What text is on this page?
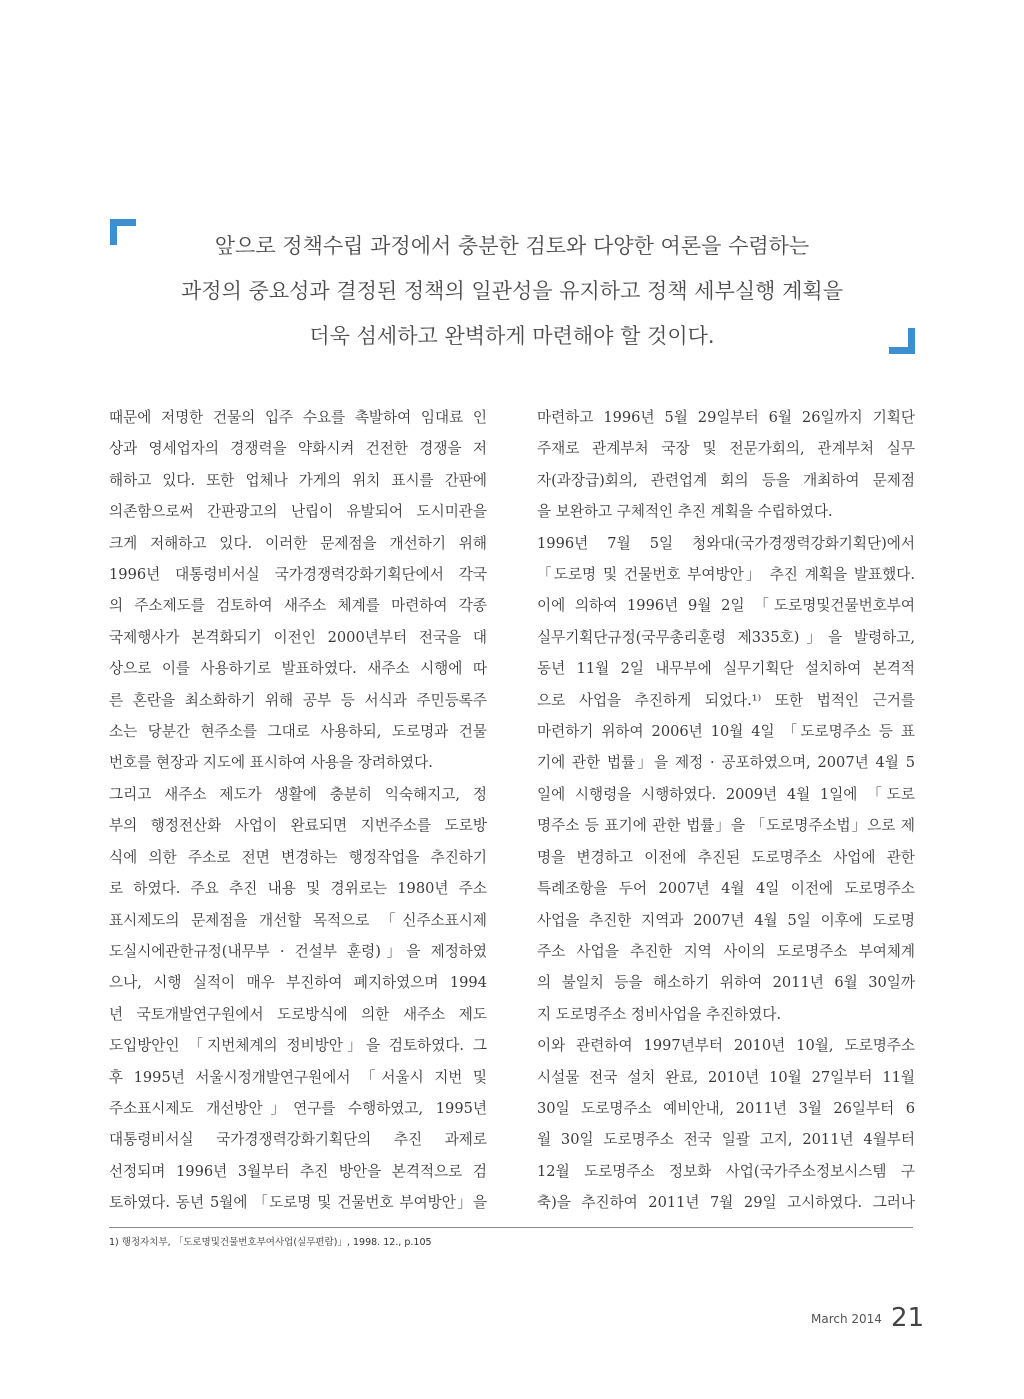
앞으로 정책수립 과정에서 충분한 검토와 다양한 여론을 수렴하는

과정의 중요성과 결정된 정책의 일관성을 유지하고 정책 세부실행 계획을

더욱 섬세하고 완벽하게 마련해야 할 것이다.

때문에 저명한 건물의 입주 수요를 촉발하여 임대료 인
상과 영세업자의 경쟁력을 약화시켜 건전한 경쟁을 저
해하고 있다. 또한 업체나 가게의 위치 표시를 간판에
의존함으로써 간판광고의 난립이 유발되어 도시미관을
크게 저해하고 있다. 이러한 문제점을 개선하기 위해
1996년 대통령비서실 국가경쟁력강화기획단에서 각국
의 주소제도를 검토하여 새주소 체계를 마련하여 각종
국제행사가 본격화되기 이전인 2000년부터 전국을 대
상으로 이를 사용하기로 발표하였다. 새주소 시행에 따
른 혼란을 최소화하기 위해 공부 등 서식과 주민등록주
소는 당분간 현주소를 그대로 사용하되, 도로명과 건물
번호를 현장과 지도에 표시하여 사용을 장려하였다.
그리고 새주소 제도가 생활에 충분히 익숙해지고, 정
부의 행정전산화 사업이 완료되면 지번주소를 도로방
식에 의한 주소로 전면 변경하는 행정작업을 추진하기
로 하였다. 주요 추진 내용 및 경위로는 1980년 주소
표시제도의 문제점을 개선할 목적으로 「신주소표시제
도실시에관한규정(내무부 · 건설부 훈령)」을 제정하였
으나, 시행 실적이 매우 부진하여 폐지하였으며 1994
년 국토개발연구원에서 도로방식에 의한 새주소 제도
도입방안인 「지번체계의 정비방안」을 검토하였다. 그
후 1995년 서울시정개발연구원에서 「서울시 지번 및
주소표시제도 개선방안」연구를 수행하였고, 1995년
대통령비서실 국가경쟁력강화기획단의 추진 과제로
선정되며 1996년 3월부터 추진 방안을 본격적으로 검
토하였다. 동년 5월에 「도로명 및 건물번호 부여방안」을
마련하고 1996년 5월 29일부터 6월 26일까지 기획단
주재로 관계부처 국장 및 전문가회의, 관계부처 실무
자(과장급)회의, 관련업계 회의 등을 개최하여 문제점
을 보완하고 구체적인 추진 계획을 수립하였다.
1996년 7월 5일 청와대(국가경쟁력강화기획단)에서
「도로명 및 건물번호 부여방안」 추진 계획을 발표했다.
이에 의하여 1996년 9월 2일 「도로명및건물번호부여
실무기획단규정(국무총리훈령 제335호)」을 발령하고,
동년 11월 2일 내무부에 실무기획단 설치하여 본격적
으로 사업을 추진하게 되었다.¹⁾ 또한 법적인 근거를
마련하기 위하여 2006년 10월 4일 「도로명주소 등 표
기에 관한 법률」을 제정 · 공포하였으며, 2007년 4월 5
일에 시행령을 시행하였다. 2009년 4월 1일에 「도로
명주소 등 표기에 관한 법률」을 「도로명주소법」으로 제
명을 변경하고 이전에 추진된 도로명주소 사업에 관한
특례조항을 두어 2007년 4월 4일 이전에 도로명주소
사업을 추진한 지역과 2007년 4월 5일 이후에 도로명
주소 사업을 추진한 지역 사이의 도로명주소 부여체계
의 불일치 등을 해소하기 위하여 2011년 6월 30일까
지 도로명주소 정비사업을 추진하였다.
이와 관련하여 1997년부터 2010년 10월, 도로명주소
시설물 전국 설치 완료, 2010년 10월 27일부터 11월
30일 도로명주소 예비안내, 2011년 3월 26일부터 6
월 30일 도로명주소 전국 일괄 고지, 2011년 4월부터
12월 도로명주소 정보화 사업(국가주소정보시스템 구
축)을 추진하여 2011년 7월 29일 고시하였다. 그러나
1) 행정자치부, 「도로명및건물번호부여사업(실무편람)」, 1998. 12., p.105
March 2014 21
